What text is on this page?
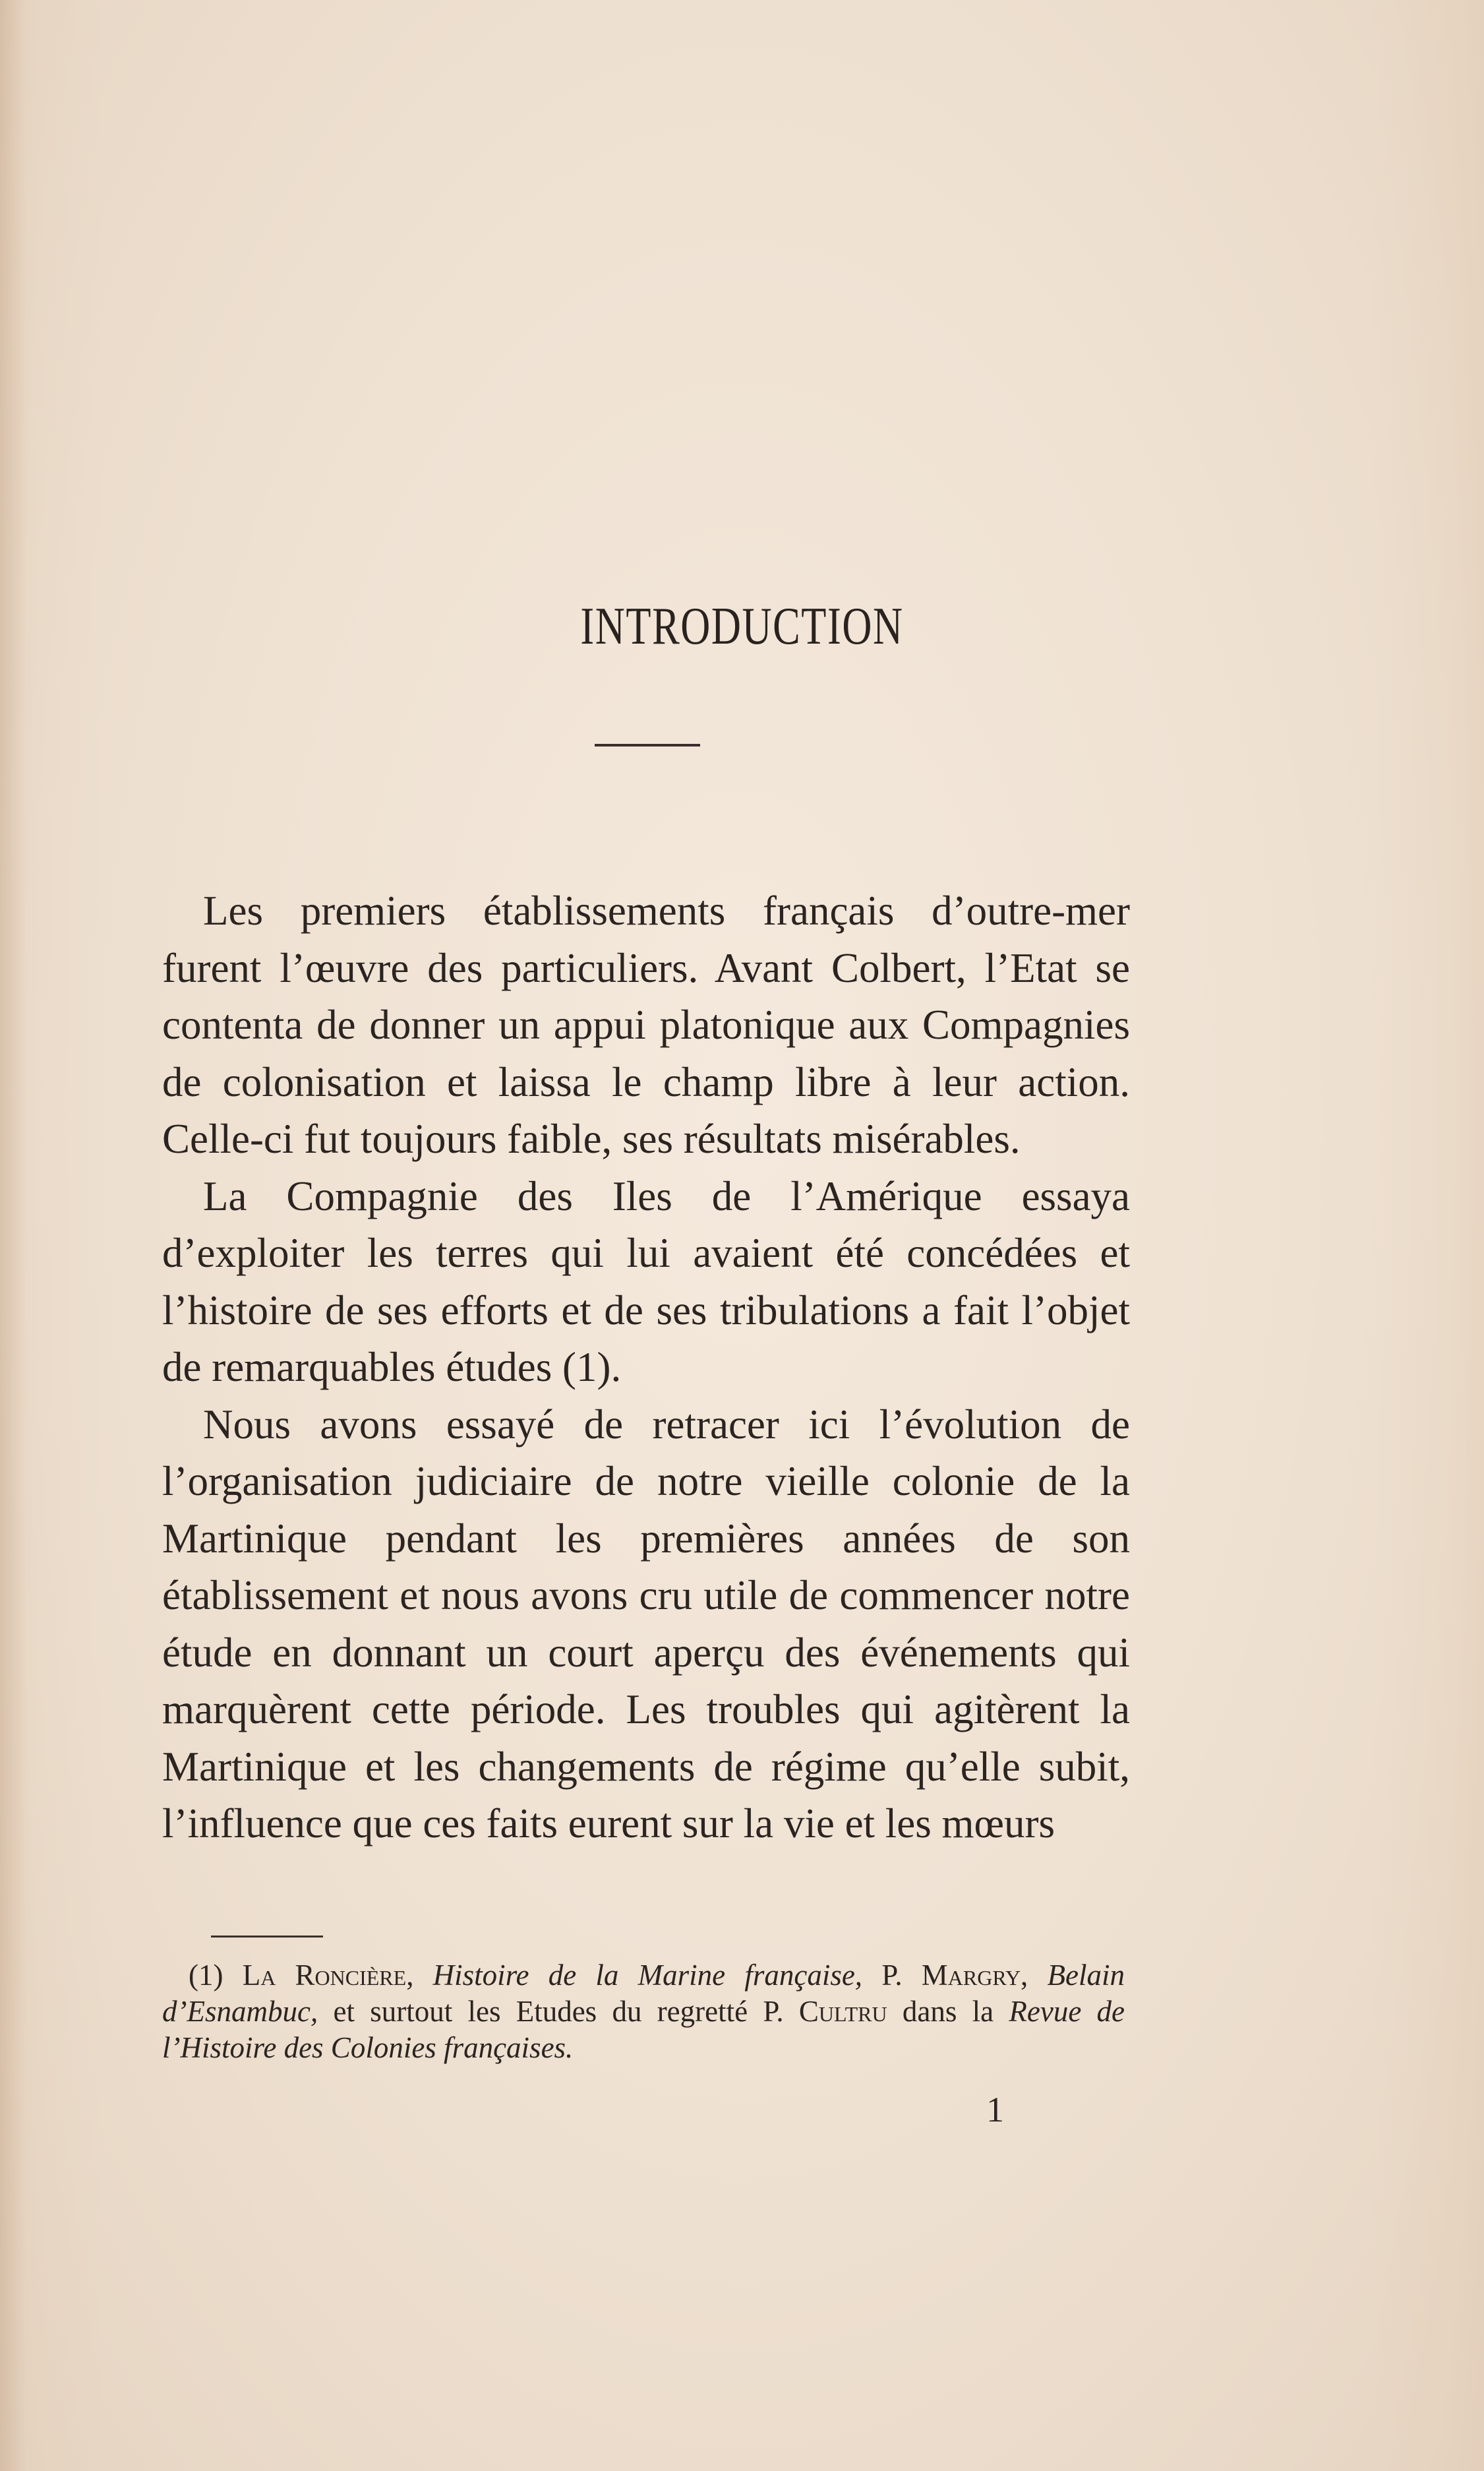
INTRODUCTION

Les premiers établissements français d’outre-mer furent l’œuvre des particuliers. Avant Colbert, l’Etat se contenta de donner un appui platonique aux Compagnies de colonisation et laissa le champ libre à leur action. Celle-ci fut toujours faible, ses résultats misérables.

La Compagnie des Iles de l’Amérique essaya d’exploiter les terres qui lui avaient été concédées et l’histoire de ses efforts et de ses tribulations a fait l’objet de remarquables études (1).

Nous avons essayé de retracer ici l’évolution de l’organisation judiciaire de notre vieille colonie de la Martinique pendant les premières années de son établissement et nous avons cru utile de commencer notre étude en donnant un court aperçu des événements qui marquèrent cette période. Les troubles qui agitèrent la Martinique et les changements de régime qu’elle subit, l’influence que ces faits eurent sur la vie et les mœurs

(1) La Roncière, Histoire de la Marine française, P. Margry, Belain d’Esnambuc, et surtout les Etudes du regretté P. Cultru dans la Revue de l’Histoire des Colonies françaises.

1
